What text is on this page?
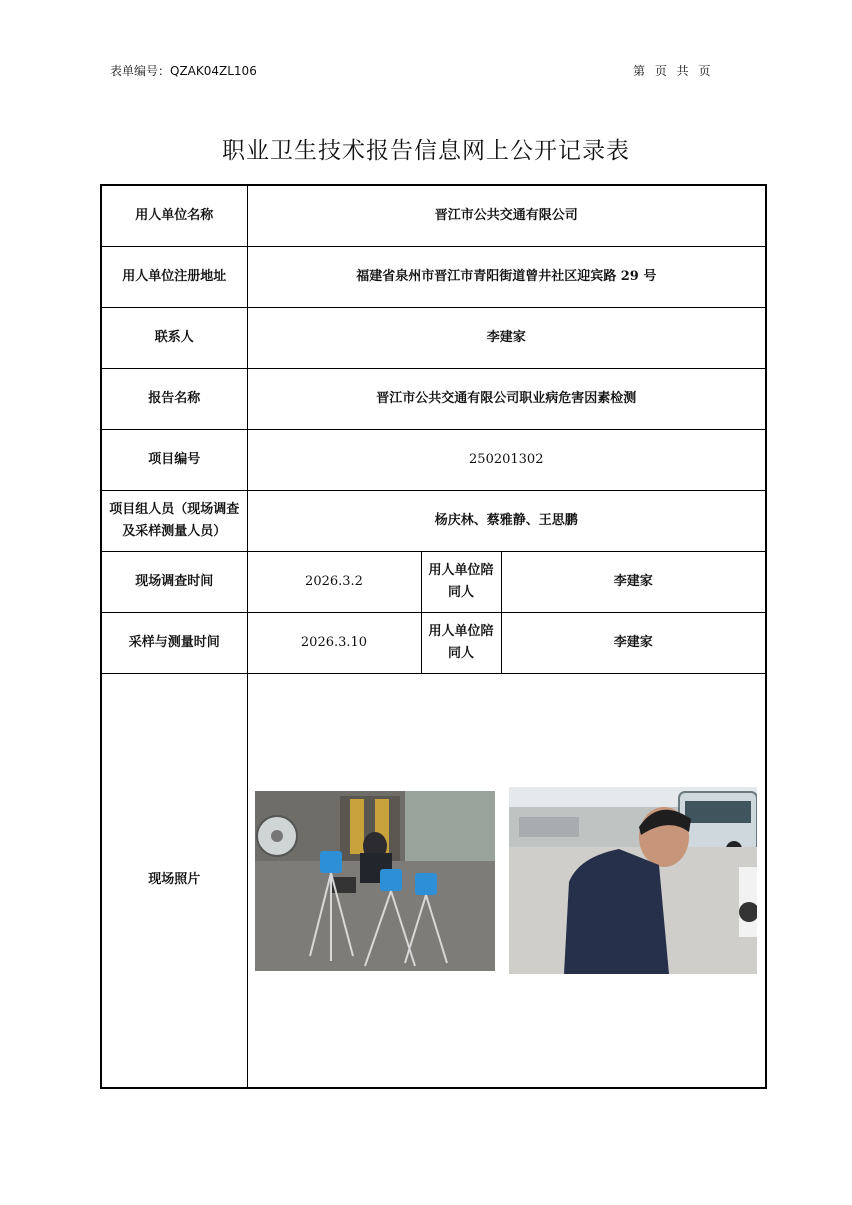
表单编号：QZAK04ZL106	第 页 共 页
职业卫生技术报告信息网上公开记录表
用人单位名称	晋江市公共交通有限公司		
用人单位注册地址	福建省泉州市晋江市青阳街道曾井社区迎宾路 29 号		
联系人	李建家		
报告名称	晋江市公共交通有限公司职业病危害因素检测		
项目编号	250201302		
项目组人员（现场调查及采样测量人员）	杨庆林、蔡雅静、王思鹏		
现场调查时间	2026.3.2	用人单位陪同人	李建家
采样与测量时间	2026.3.10	用人单位陪同人	李建家
现场照片	
